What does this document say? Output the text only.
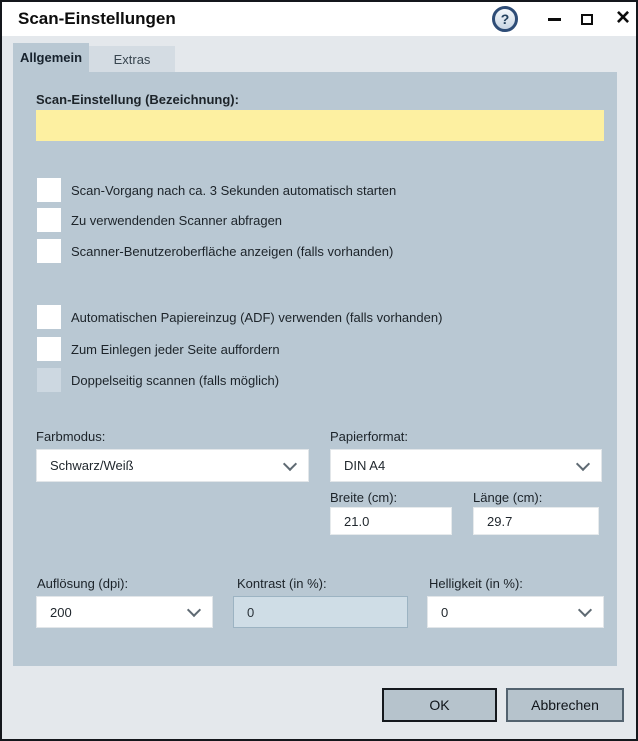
Scan-Einstellungen	?	×
Allgemein Extras
Scan-Einstellung (Bezeichnung):
Scan-Vorgang nach ca. 3 Sekunden automatisch starten
Zu verwendenden Scanner abfragen
Scanner-Benutzeroberfläche anzeigen (falls vorhanden)
Automatischen Papiereinzug (ADF) verwenden (falls vorhanden)
Zum Einlegen jeder Seite auffordern
Doppelseitig scannen (falls möglich)
Farbmodus:
Schwarz/Weiß
Papierformat:
DIN A4
Breite (cm):
21.0	Länge (cm):
29.7
Auflösung (dpi):
200
Kontrast (in %):
0
Helligkeit (in %):
0
OK	Abbrechen
